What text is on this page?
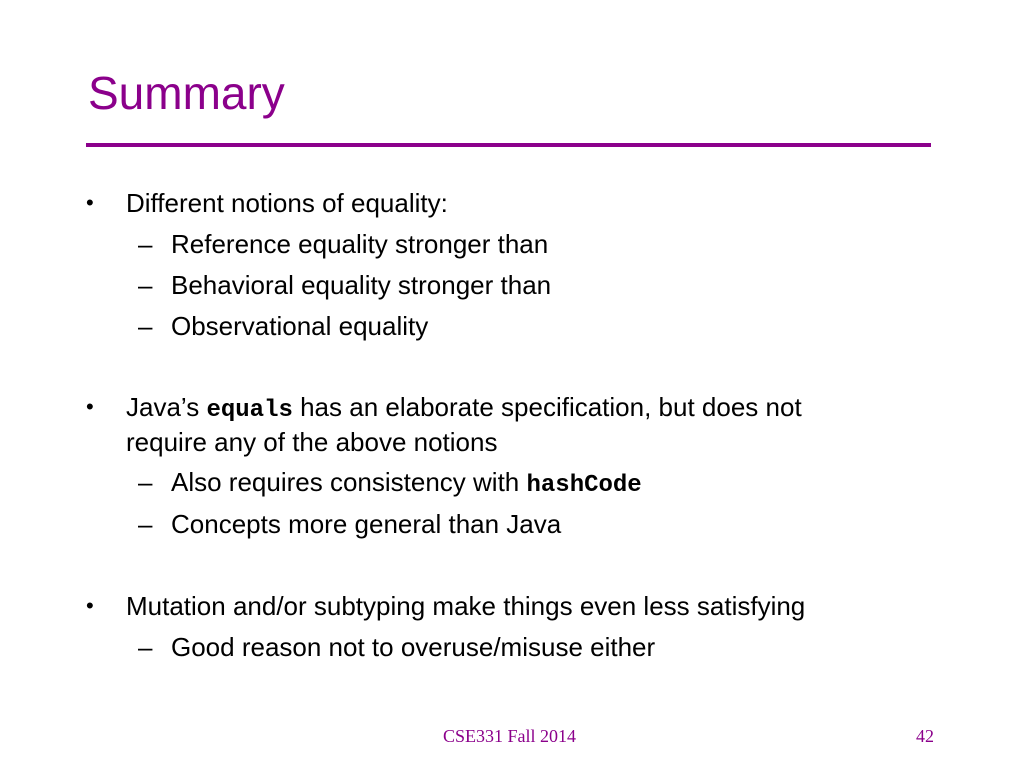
Summary
• Different notions of equality:
– Reference equality stronger than
– Behavioral equality stronger than
– Observational equality
• Java’s equals has an elaborate specification, but does not
require any of the above notions
– Also requires consistency with hashCode
– Concepts more general than Java
• Mutation and/or subtyping make things even less satisfying
– Good reason not to overuse/misuse either
CSE331 Fall 2014	42
